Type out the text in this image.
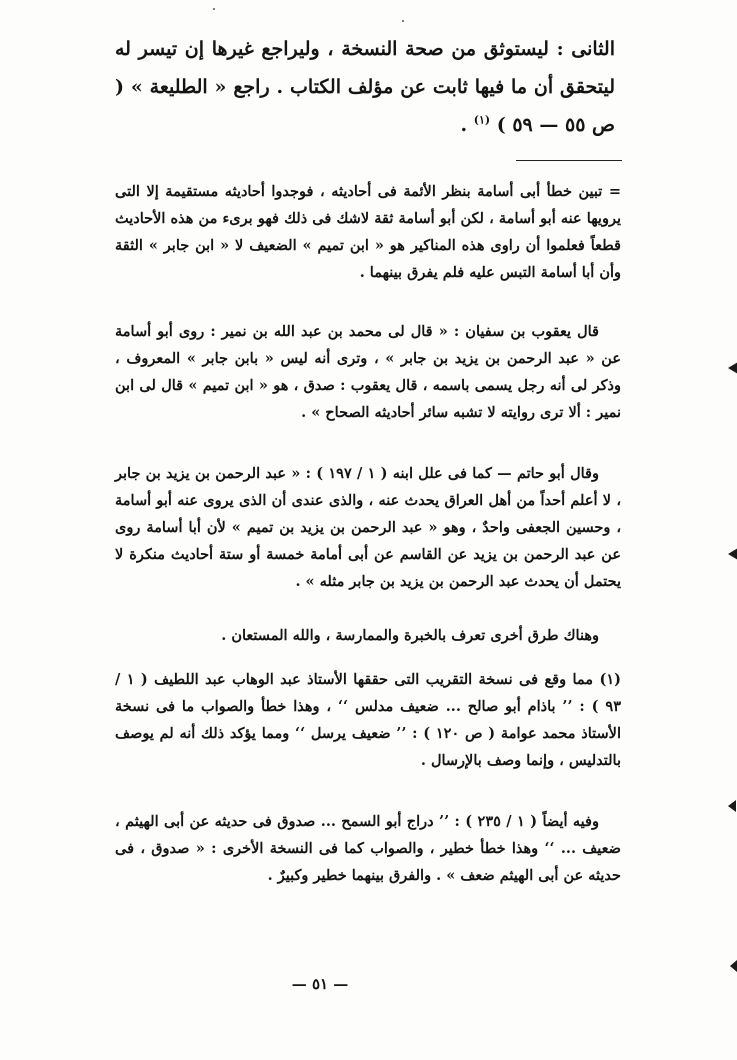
الثانى : ليستوثق من صحة النسخة ، وليراجع غيرها إن تيسر له ليتحقق أن ما فيها ثابت عن مؤلف الكتاب . راجع « الطليعة » ( ص ٥٥ — ٥٩ ) $^{(١)}$ .

= تبين خطأ أبى أسامة بنظر الأئمة فى أحاديثه ، فوجدوا أحاديثه مستقيمة إلا التى يرويها عنه أبو أسامة ، لكن أبو أسامة ثقة لاشك فى ذلك فهو برىء من هذه الأحاديث قطعاً فعلموا أن راوى هذه المناكير هو « ابن تميم » الضعيف لا « ابن جابر » الثقة وأن أبا أسامة التبس عليه فلم يفرق بينهما .

قال يعقوب بن سفيان : « قال لى محمد بن عبد الله بن نمير : روى أبو أسامة عن « عبد الرحمن بن يزيد بن جابر » ، وترى أنه ليس « بابن جابر » المعروف ، وذكر لى أنه رجل يسمى باسمه ، قال يعقوب : صدق ، هو « ابن تميم » قال لى ابن نمير : ألا ترى روايته لا تشبه سائر أحاديثه الصحاح » .

وقال أبو حاتم — كما فى علل ابنه ( ١ / ١٩٧ ) : « عبد الرحمن بن يزيد بن جابر ، لا أعلم أحداً من أهل العراق يحدث عنه ، والذى عندى أن الذى يروى عنه أبو أسامة ، وحسين الجعفى واحدٌ ، وهو « عبد الرحمن بن يزيد بن تميم » لأن أبا أسامة روى عن عبد الرحمن بن يزيد عن القاسم عن أبى أمامة خمسة أو ستة أحاديث منكرة لا يحتمل أن يحدث عبد الرحمن بن يزيد بن جابر مثله » .

وهناك طرق أخرى تعرف بالخبرة والممارسة ، والله المستعان .

(١) مما وقع فى نسخة التقريب التى حققها الأستاذ عبد الوهاب عبد اللطيف ( ١ / ٩٣ ) : ’’ باذام أبو صالح ... ضعيف مدلس ‘‘ ، وهذا خطأ والصواب ما فى نسخة الأستاذ محمد عوامة ( ص ١٢٠ ) : ’’ ضعيف يرسل ‘‘ ومما يؤكد ذلك أنه لم يوصف بالتدليس ، وإنما وصف بالإرسال .

وفيه أيضاً ( ١ / ٢٣٥ ) : ’’ دراج أبو السمح ... صدوق فى حديثه عن أبى الهيثم ، ضعيف ... ‘‘ وهذا خطأ خطير ، والصواب كما فى النسخة الأخرى : « صدوق ، فى حديثه عن أبى الهيثم ضعف » . والفرق بينهما خطير وكبيرٌ .

— ٥١ —
